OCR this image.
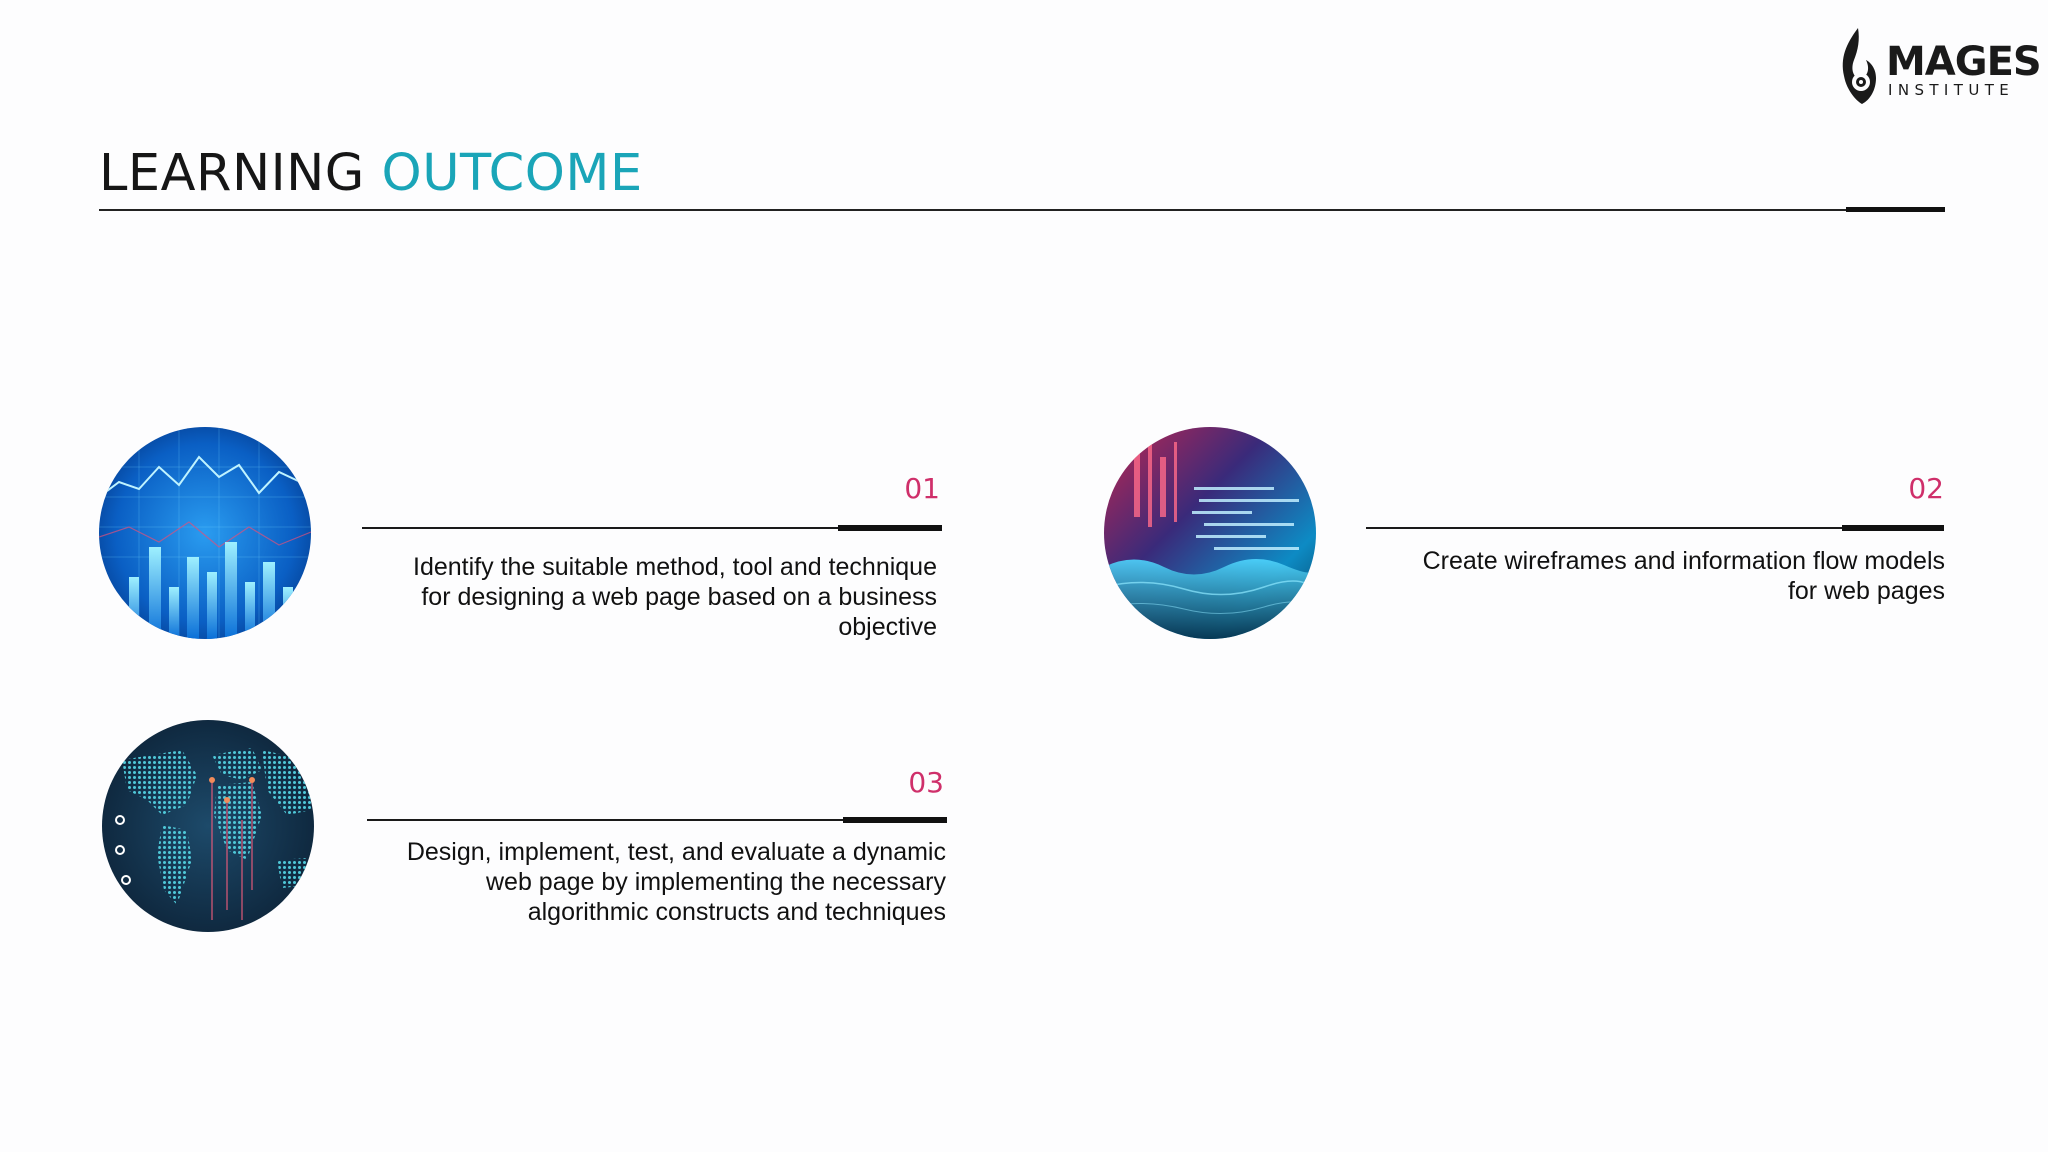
MAGES
INSTITUTE
LEARNING OUTCOME
01
Identify the suitable method, tool and technique for designing a web page based on a business objective
02
Create wireframes and information flow models for web pages
03
Design, implement, test, and evaluate a dynamic web page by implementing the necessary algorithmic constructs and techniques
